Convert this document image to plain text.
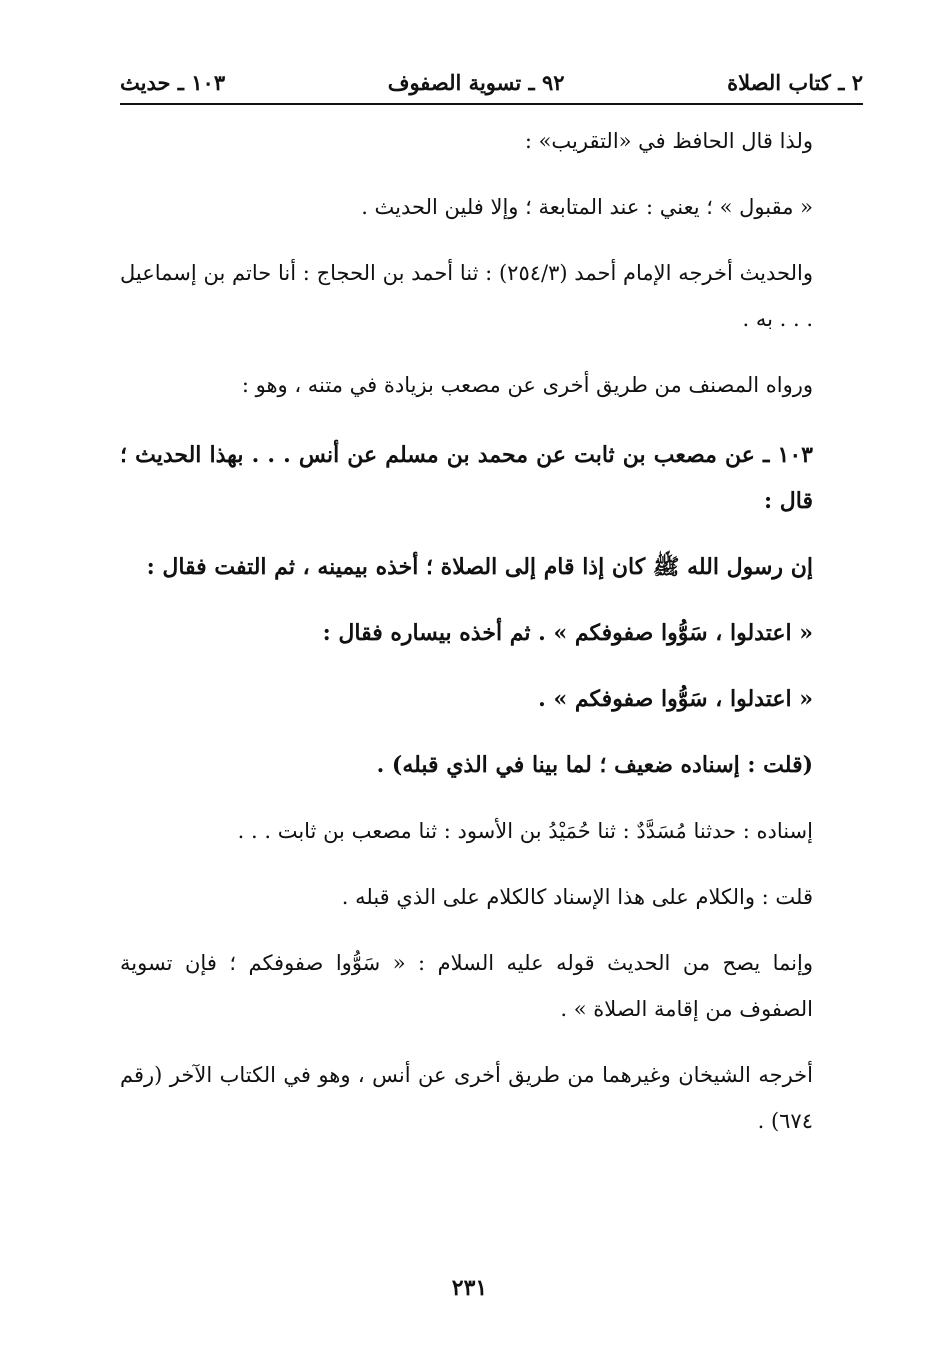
٢ ـ كتاب الصلاة
٩٢ ـ تسوية الصفوف
١٠٣ ـ حديث

ولذا قال الحافظ في «التقريب» :

« مقبول » ؛ يعني : عند المتابعة ؛ وإلا فلين الحديث .

والحديث أخرجه الإمام أحمد (٢٥٤/٣) : ثنا أحمد بن الحجاج : أنا حاتم بن إسماعيل . . . به .

ورواه المصنف من طريق أخرى عن مصعب بزيادة في متنه ، وهو :

١٠٣ ـ عن مصعب بن ثابت عن محمد بن مسلم عن أنس . . . بهذا الحديث ؛ قال :

إن رسول الله ﷺ كان إذا قام إلى الصلاة ؛ أخذه بيمينه ، ثم التفت فقال :

« اعتدلوا ، سَوُّوا صفوفكم » . ثم أخذه بيساره فقال :

« اعتدلوا ، سَوُّوا صفوفكم » .

(قلت : إسناده ضعيف ؛ لما بينا في الذي قبله) .

إسناده : حدثنا مُسَدَّدٌ : ثنا حُمَيْدُ بن الأسود : ثنا مصعب بن ثابت . . .

قلت : والكلام على هذا الإسناد كالكلام على الذي قبله .

وإنما يصح من الحديث قوله عليه السلام : « سَوُّوا صفوفكم ؛ فإن تسوية الصفوف من إقامة الصلاة » .

أخرجه الشيخان وغيرهما من طريق أخرى عن أنس ، وهو في الكتاب الآخر (رقم ٦٧٤) .

٢٣١
